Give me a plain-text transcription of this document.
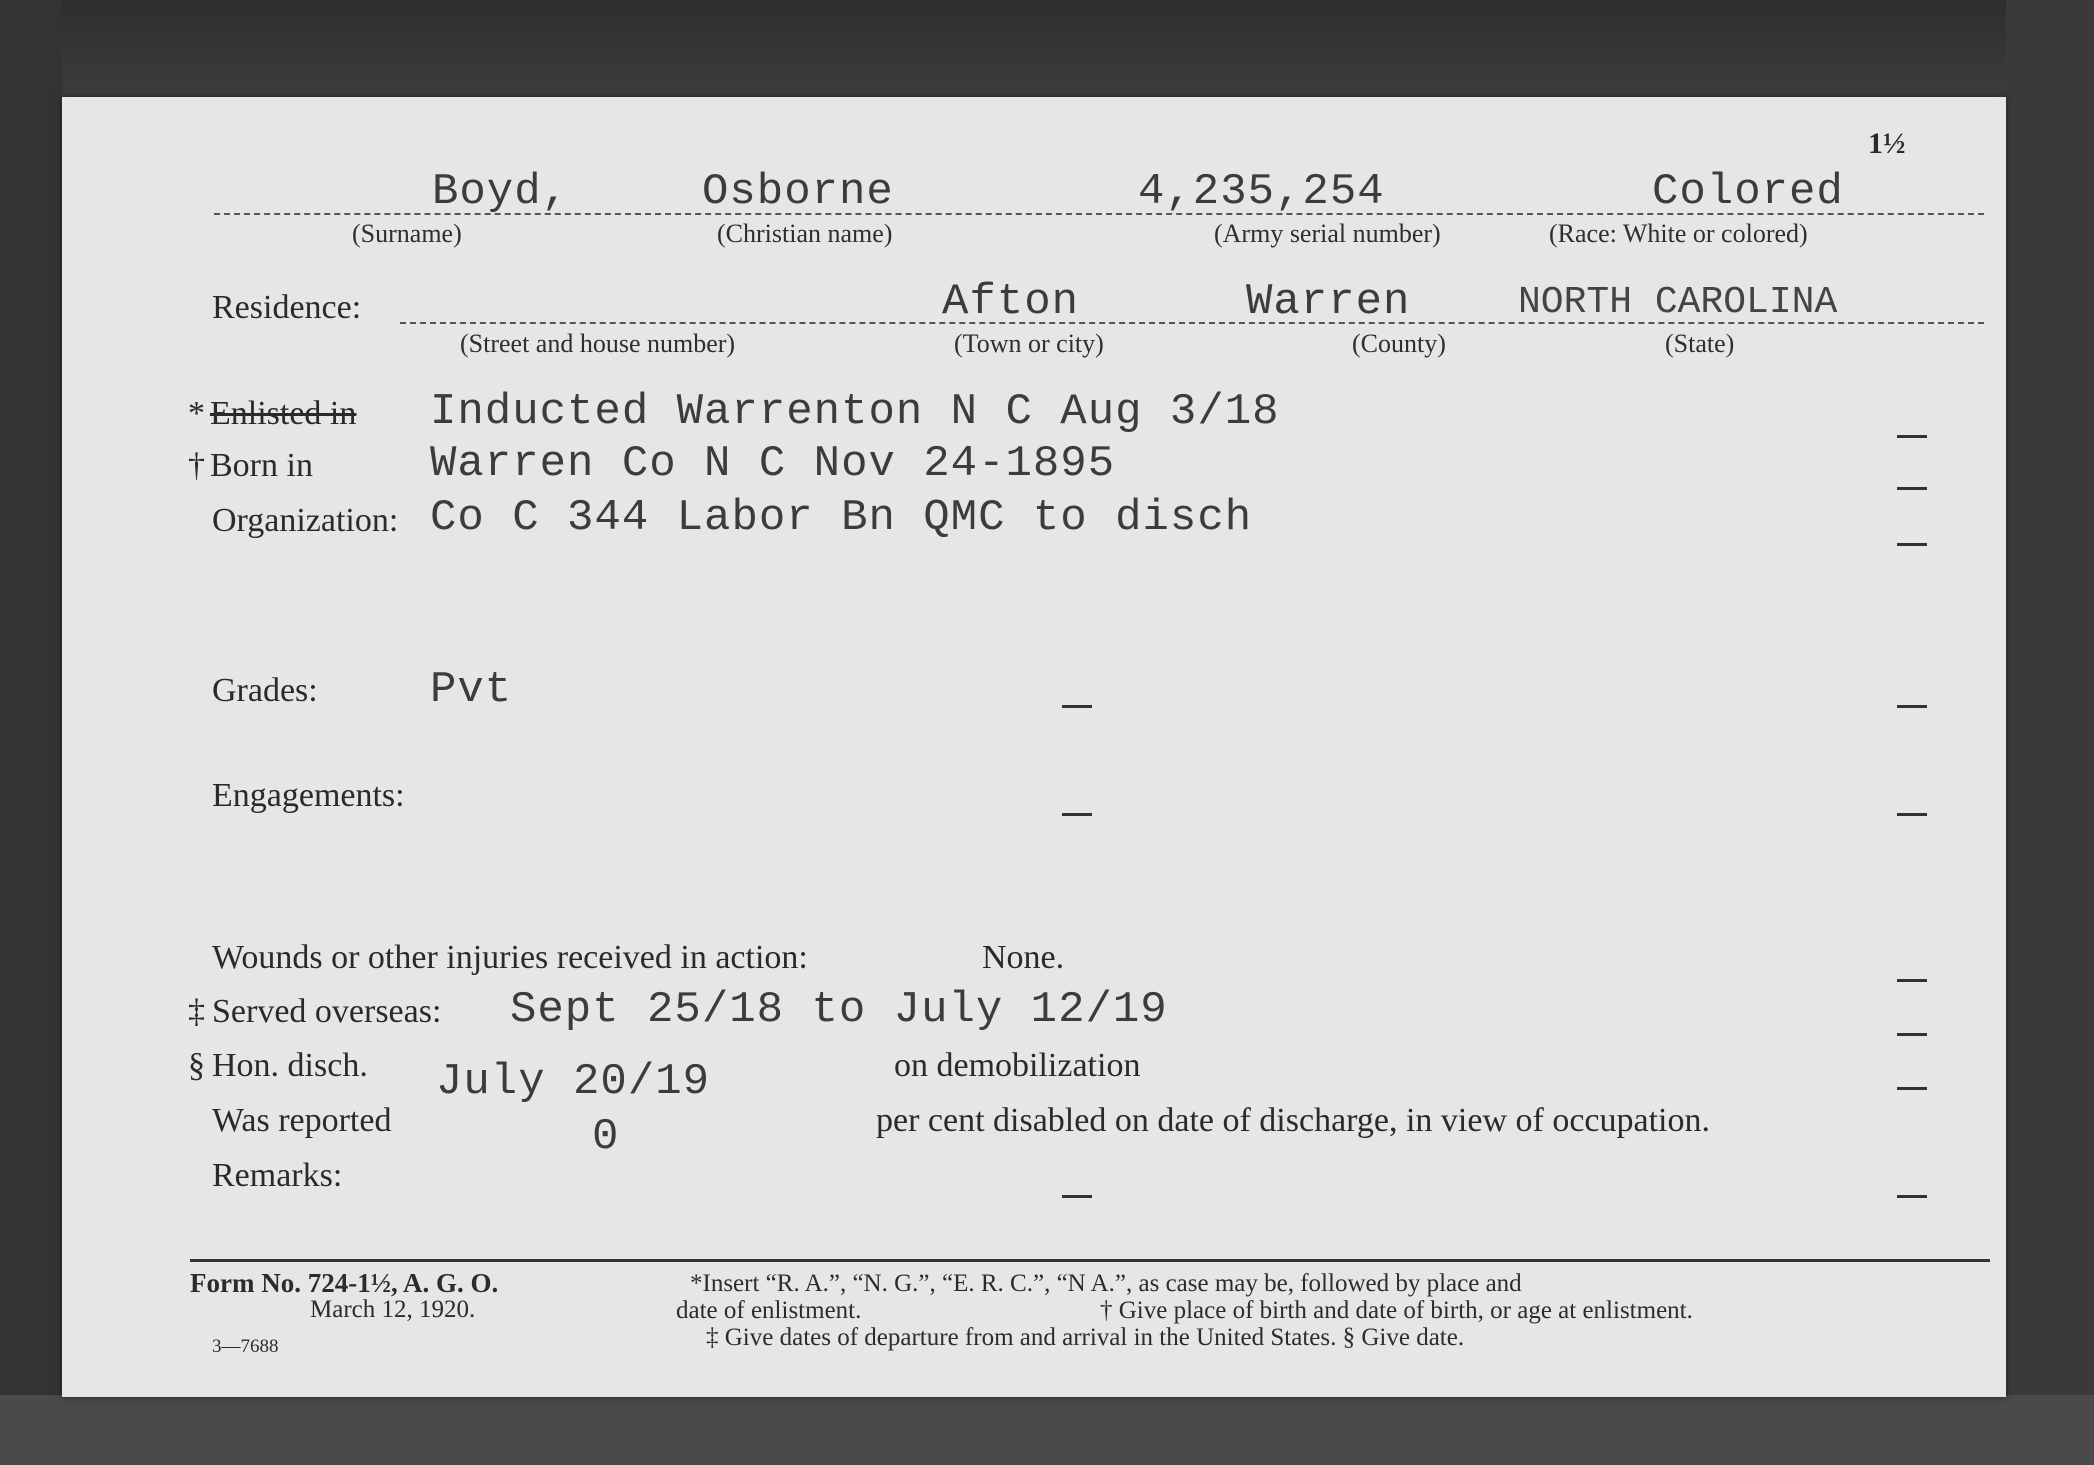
1½
Boyd,	Osborne	4,235,254	Colored
(Surname)	(Christian name)	(Army serial number)	(Race: White or colored)
Residence:	Afton	Warren	NORTH CAROLINA
(Street and house number)	(Town or city)	(County)	(State)
* Enlisted in Inducted Warrenton N C Aug 3/18
† Born in	Warren Co N C Nov 24-1895
Organization: Co C 344 Labor Bn QMC to disch
Grades:	Pvt
Engagements:
Wounds or other injuries received in action:	None.
‡ Served overseas: Sept 25/18 to July 12/19
§ Hon. disch. July 20/19	on demobilization
Was reported	0	per cent disabled on date of discharge, in view of occupation.
Remarks:
Form No. 724-1½, A. G. O.
March 12, 1920.
3—7688
*Insert “R. A.”, “N. G.”, “E. R. C.”, “N A.”, as case may be, followed by place and
date of enlistment.	† Give place of birth and date of birth, or age at enlistment.
‡ Give dates of departure from and arrival in the United States. § Give date.
